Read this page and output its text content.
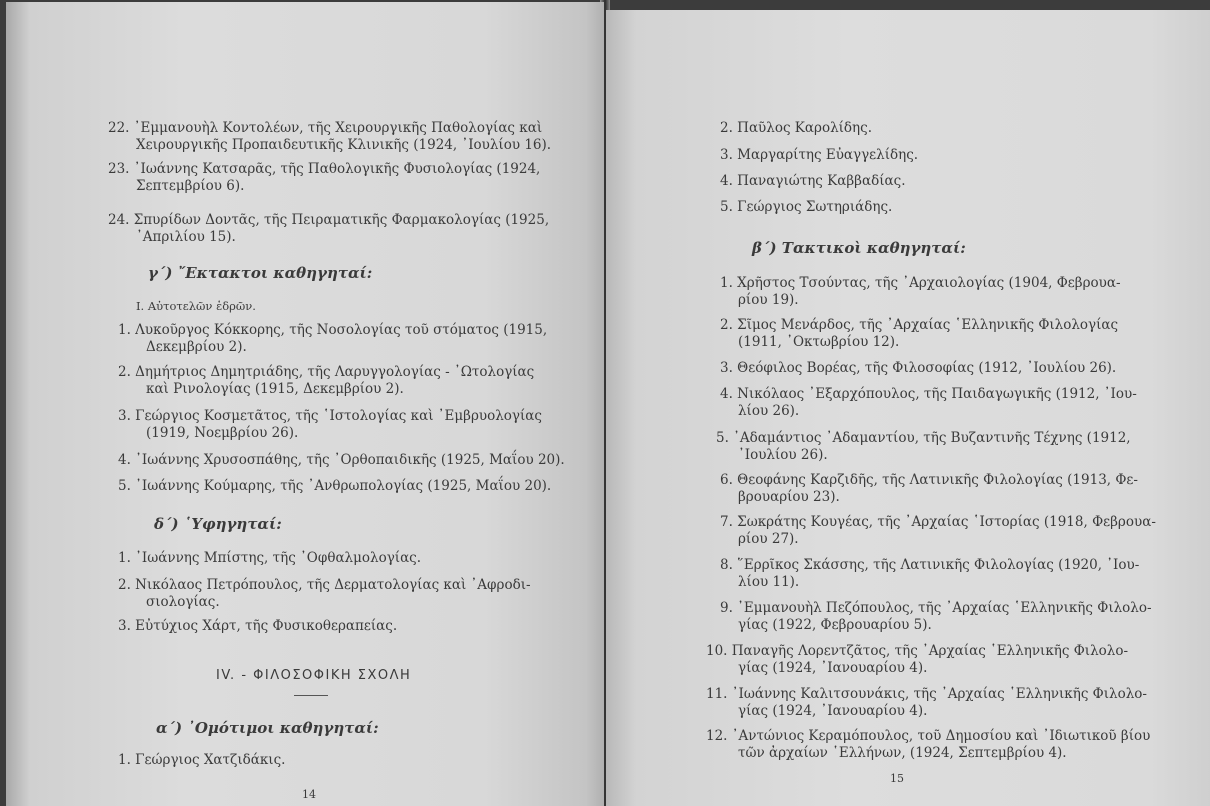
22. ᾿Εμμανουὴλ Κοντολέων, τῆς Χειρουργικῆς Παθολογίας καὶ
Χειρουργικῆς Προπαιδευτικῆς Κλινικῆς (1924, ᾿Ιουλίου 16).
23. ᾿Ιωάννης Κατσαρᾶς, τῆς Παθολογικῆς Φυσιολογίας (1924,
Σεπτεμβρίου 6).
24. Σπυρίδων Δοντᾶς, τῆς Πειραματικῆς Φαρμακολογίας (1925,
᾿Απριλίου 15).
γ΄) ῎Εκτακτοι καθηγηταί:
I. Αὐτοτελῶν ἑδρῶν.
1. Λυκοῦργος Κόκκορης, τῆς Νοσολογίας τοῦ στόματος (1915,
Δεκεμβρίου 2).
2. Δημήτριος Δημητριάδης, τῆς Λαρυγγολογίας - ᾿Ωτολογίας
καὶ Ρινολογίας (1915, Δεκεμβρίου 2).
3. Γεώργιος Κοσμετᾶτος, τῆς ῾Ιστολογίας καὶ ᾿Εμβρυολογίας
(1919, Νοεμβρίου 26).
4. ᾿Ιωάννης Χρυσοσπάθης, τῆς ᾿Ορθοπαιδικῆς (1925, Μαΐου 20).
5. ᾿Ιωάννης Κούμαρης, τῆς ᾿Ανθρωπολογίας (1925, Μαΐου 20).
δ΄) ῾Υφηγηταί:
1. ᾿Ιωάννης Μπίστης, τῆς ᾿Οφθαλμολογίας.
2. Νικόλαος Πετρόπουλος, τῆς Δερματολογίας καὶ ᾿Αφροδι-
σιολογίας.
3. Εὐτύχιος Χάρτ, τῆς Φυσικοθεραπείας.
IV. - ΦΙΛΟΣΟΦΙΚΗ ΣΧΟΛΗ
α΄) ᾿Ομότιμοι καθηγηταί:
1. Γεώργιος Χατζιδάκις.
14
2. Παῦλος Καρολίδης.
3. Μαργαρίτης Εὐαγγελίδης.
4. Παναγιώτης Καββαδίας.
5. Γεώργιος Σωτηριάδης.
β΄) Τακτικοὶ καθηγηταί:
1. Χρῆστος Τσούντας, τῆς ᾿Αρχαιολογίας (1904, Φεβρουα-
ρίου 19).
2. Σῖμος Μενάρδος, τῆς ᾿Αρχαίας ῾Ελληνικῆς Φιλολογίας
(1911, ᾿Οκτωβρίου 12).
3. Θεόφιλος Βορέας, τῆς Φιλοσοφίας (1912, ᾿Ιουλίου 26).
4. Νικόλαος ᾿Εξαρχόπουλος, τῆς Παιδαγωγικῆς (1912, ᾿Ιου-
λίου 26).
5. ᾿Αδαμάντιος ᾿Αδαμαντίου, τῆς Βυζαντινῆς Τέχνης (1912,
᾿Ιουλίου 26).
6. Θεοφάνης Καρζιδῆς, τῆς Λατινικῆς Φιλολογίας (1913, Φε-
βρουαρίου 23).
7. Σωκράτης Κουγέας, τῆς ᾿Αρχαίας ῾Ιστορίας (1918, Φεβρουα-
ρίου 27).
8. ῞Ερρῖκος Σκάσσης, τῆς Λατινικῆς Φιλολογίας (1920, ᾿Ιου-
λίου 11).
9. ᾿Εμμανουὴλ Πεζόπουλος, τῆς ᾿Αρχαίας ῾Ελληνικῆς Φιλολο-
γίας (1922, Φεβρουαρίου 5).
10. Παναγῆς Λορεντζᾶτος, τῆς ᾿Αρχαίας ῾Ελληνικῆς Φιλολο-
γίας (1924, ᾿Ιανουαρίου 4).
11. ᾿Ιωάννης Καλιτσουνάκις, τῆς ᾿Αρχαίας ῾Ελληνικῆς Φιλολο-
γίας (1924, ᾿Ιανουαρίου 4).
12. ᾿Αντώνιος Κεραμόπουλος, τοῦ Δημοσίου καὶ ᾿Ιδιωτικοῦ βίου
τῶν ἀρχαίων ῾Ελλήνων, (1924, Σεπτεμβρίου 4).
15
